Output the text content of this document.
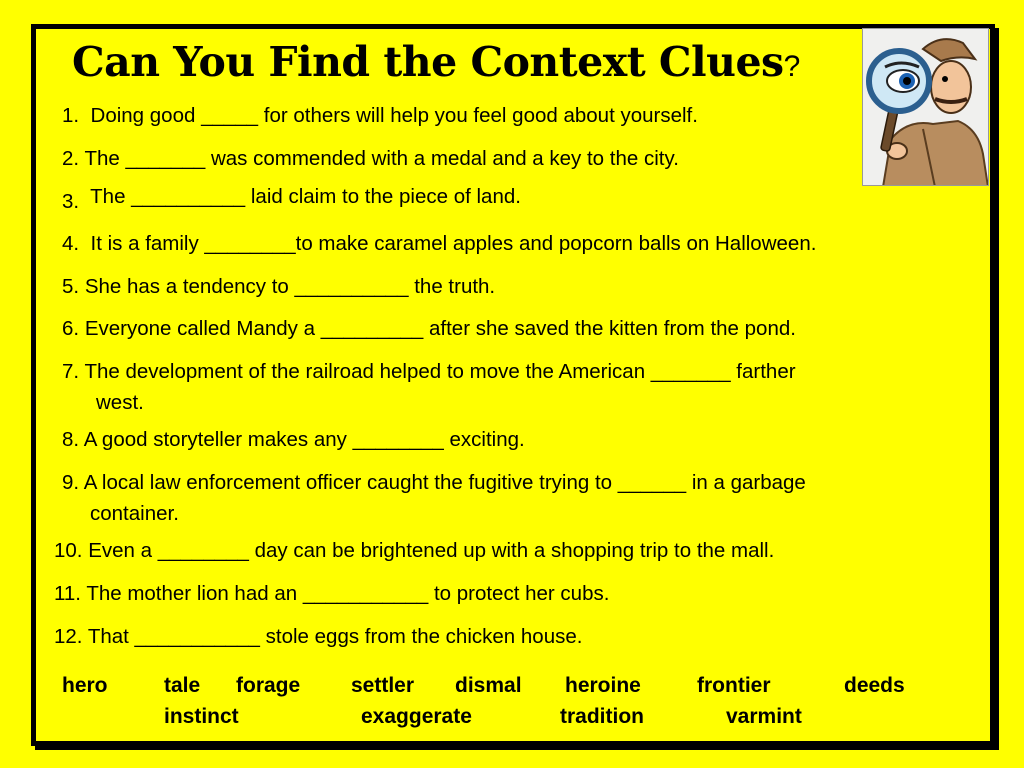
Can You Find the Context Clues?
1. Doing good _____ for others will help you feel good about yourself.
2. The _______ was commended with a medal and a key to the city.
3. The __________ laid claim to the piece of land.
4. It is a family ________to make caramel apples and popcorn balls on Halloween.
5. She has a tendency to __________ the truth.
6. Everyone called Mandy a _________ after she saved the kitten from the pond.
7. The development of the railroad helped to move the American _______ farther
west.
8. A good storyteller makes any ________ exciting.
9. A local law enforcement officer caught the fugitive trying to ______ in a garbage
container.
10. Even a ________ day can be brightened up with a shopping trip to the mall.
11. The mother lion had an ___________ to protect her cubs.
12. That ___________ stole eggs from the chicken house.
hero	tale forage settler dismal heroine	frontier	deeds
instinct	exaggerate	tradition	varmint
